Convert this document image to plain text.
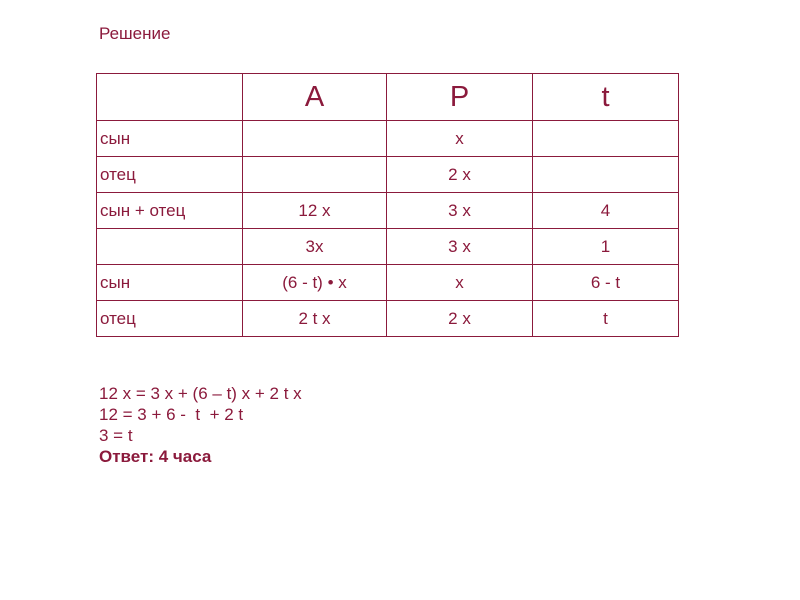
Решение
	A	P	t
сын		x	
отец		2 x	
сын + отец	12 x	3 x	4
	3x	3 x	1
сын	(6 - t) • x	x	6 - t
отец	2 t x	2 x	t
12 x = 3 x + (6 – t) x + 2 t x
12 = 3 + 6 -  t  + 2 t
3 = t
Ответ: 4 часа
